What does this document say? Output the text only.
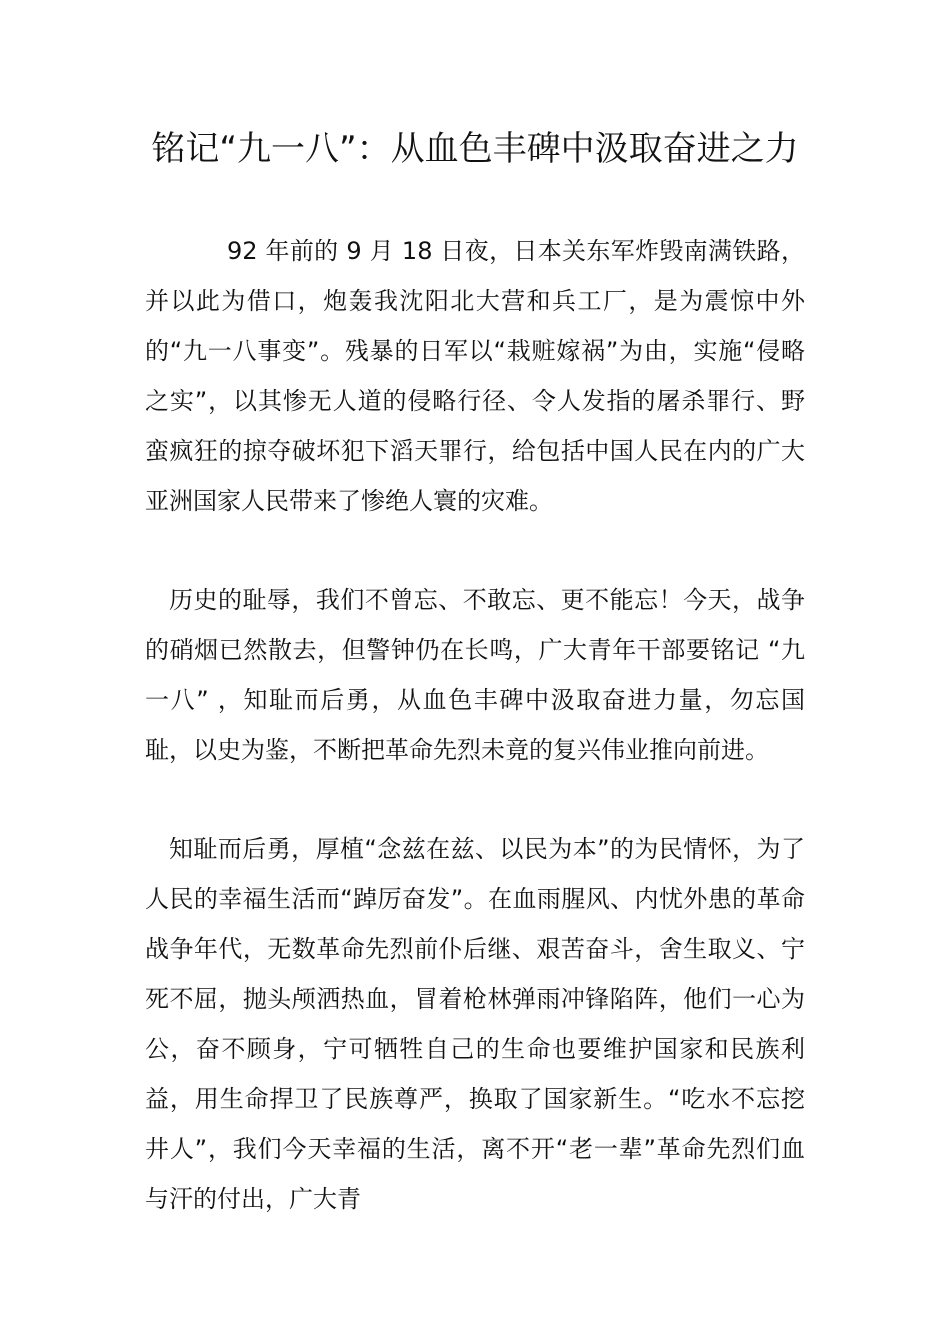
铭记“九一八”：从血色丰碑中汲取奋进之力

92 年前的 9 月 18 日夜，日本关东军炸毁南满铁路，并以此为借口，炮轰我沈阳北大营和兵工厂，是为震惊中外的“九一八事变”。残暴的日军以“栽赃嫁祸”为由，实施“侵略之实”，以其惨无人道的侵略行径、令人发指的屠杀罪行、野蛮疯狂的掠夺破坏犯下滔天罪行，给包括中国人民在内的广大亚洲国家人民带来了惨绝人寰的灾难。

历史的耻辱，我们不曾忘、不敢忘、更不能忘！今天，战争的硝烟已然散去，但警钟仍在长鸣，广大青年干部要铭记 “九一八” ，知耻而后勇，从血色丰碑中汲取奋进力量，勿忘国耻，以史为鉴，不断把革命先烈未竟的复兴伟业推向前进。

知耻而后勇，厚植“念兹在兹、以民为本”的为民情怀，为了人民的幸福生活而“踔厉奋发”。在血雨腥风、内忧外患的革命战争年代，无数革命先烈前仆后继、艰苦奋斗，舍生取义、宁死不屈，抛头颅洒热血，冒着枪林弹雨冲锋陷阵，他们一心为公，奋不顾身，宁可牺牲自己的生命也要维护国家和民族利益，用生命捍卫了民族尊严，换取了国家新生。“吃水不忘挖井人”，我们今天幸福的生活，离不开“老一辈”革命先烈们血与汗的付出，广大青
